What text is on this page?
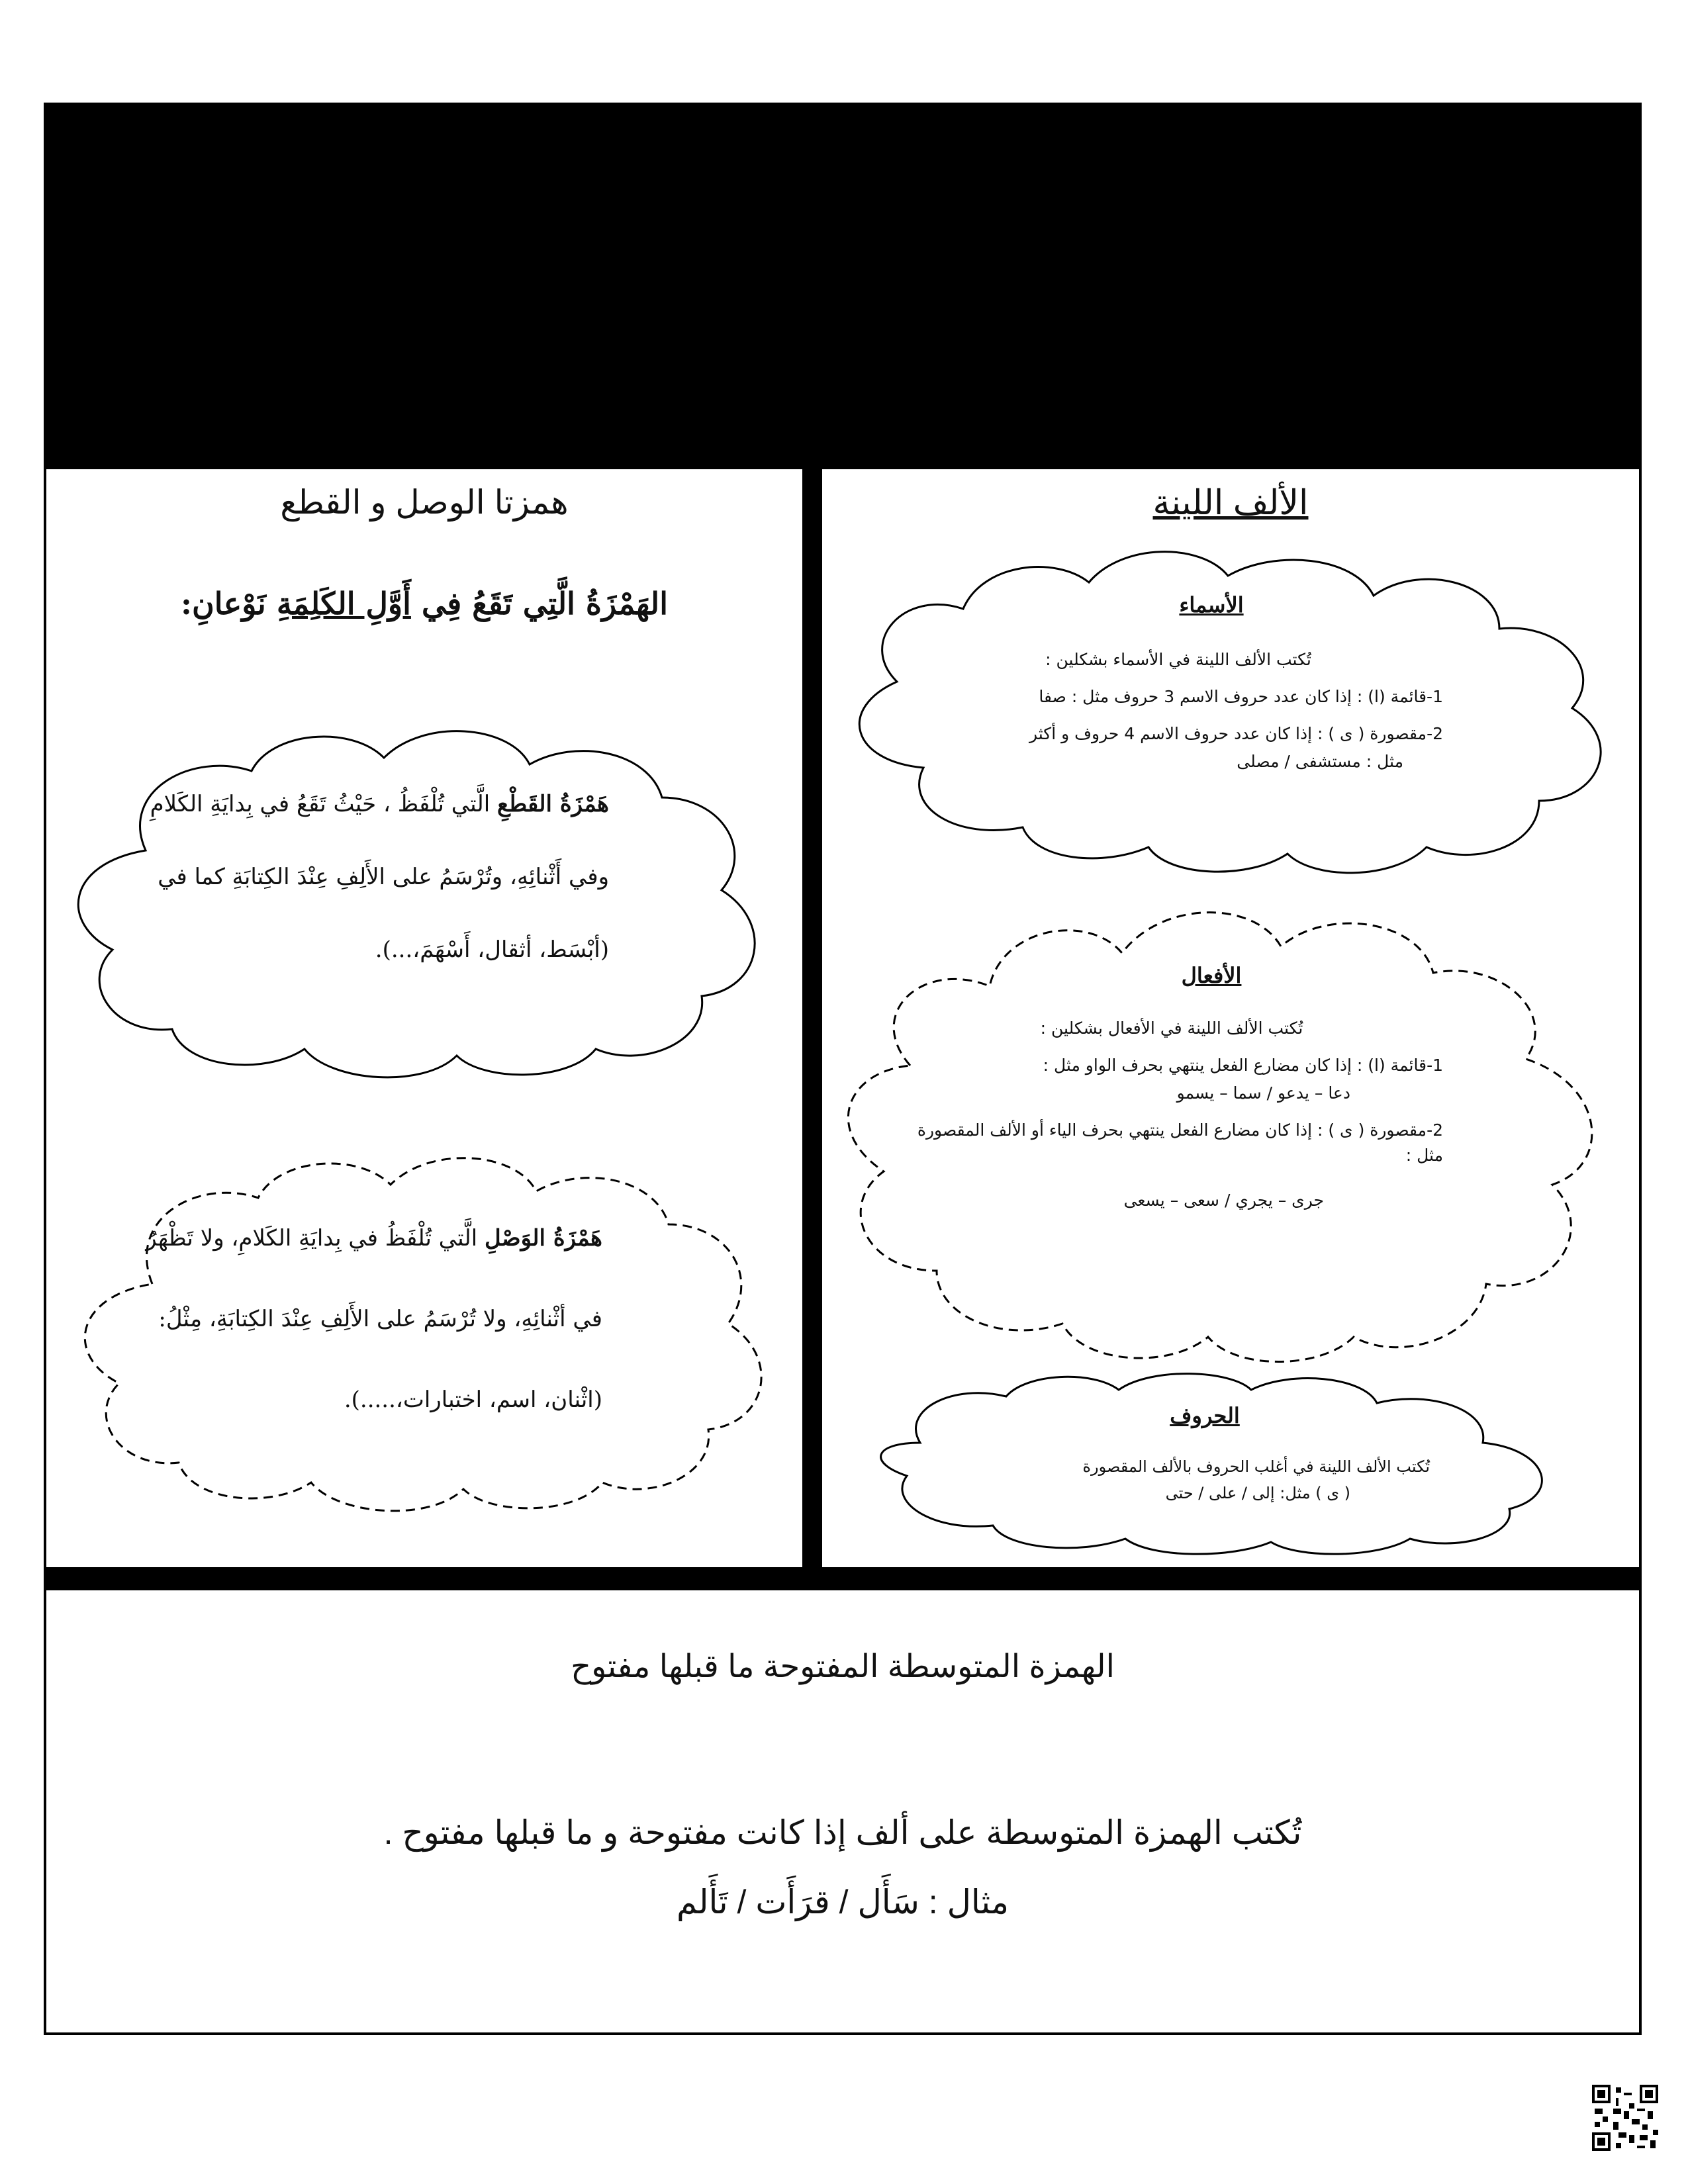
همزتا الوصل و القطع
الهَمْزَةُ الَّتِي تَقَعُ فِي أَوَّلِ الكَلِمَةِ نَوْعانِ:
هَمْزَةُ القَطْعِ الَّتي تُلْفَظُ ، حَيْثُ تَقَعُ في بِدايَةِ الكَلامِ وفي أَثْنائِهِ، وتُرْسَمُ على الأَلِفِ عِنْدَ الكِتابَةِ كما في (أبْسَط، أثقال، أَسْهَمَ،...).
هَمْزَةُ الوَصْلِ الَّتي تُلْفَظُ في بِدايَةِ الكَلامِ، ولا تَظْهَرُ في أثْنائِهِ، ولا تُرْسَمُ على الأَلِفِ عِنْدَ الكِتابَةِ، مِثْلُ: (اثْنان، اسم، اختبارات،.....).
الألف اللينة
الأسماء

تُكتب الألف اللينة في الأسماء بشكلين :

1-قائمة (ا) : إذا كان عدد حروف الاسم 3 حروف مثل : صفا

2-مقصورة ( ى ) : إذا كان عدد حروف الاسم 4 حروف و أكثر

مثل : مستشفى / مصلى

الأفعال

تُكتب الألف اللينة في الأفعال بشكلين :

1-قائمة (ا) : إذا كان مضارع الفعل ينتهي بحرف الواو مثل :

دعا – يدعو / سما – يسمو

2-مقصورة ( ى ) : إذا كان مضارع الفعل ينتهي بحرف الياء أو الألف المقصورة مثل :

جرى – يجري / سعى – يسعى

الحروف

تُكتب الألف اللينة في أغلب الحروف بالألف المقصورة

( ى ) مثل: إلى / على / حتى

الهمزة المتوسطة المفتوحة ما قبلها مفتوح
تُكتب الهمزة المتوسطة على ألف إذا كانت مفتوحة و ما قبلها مفتوح .
مثال : سَأَل / قرَأَت / تَأَلم
